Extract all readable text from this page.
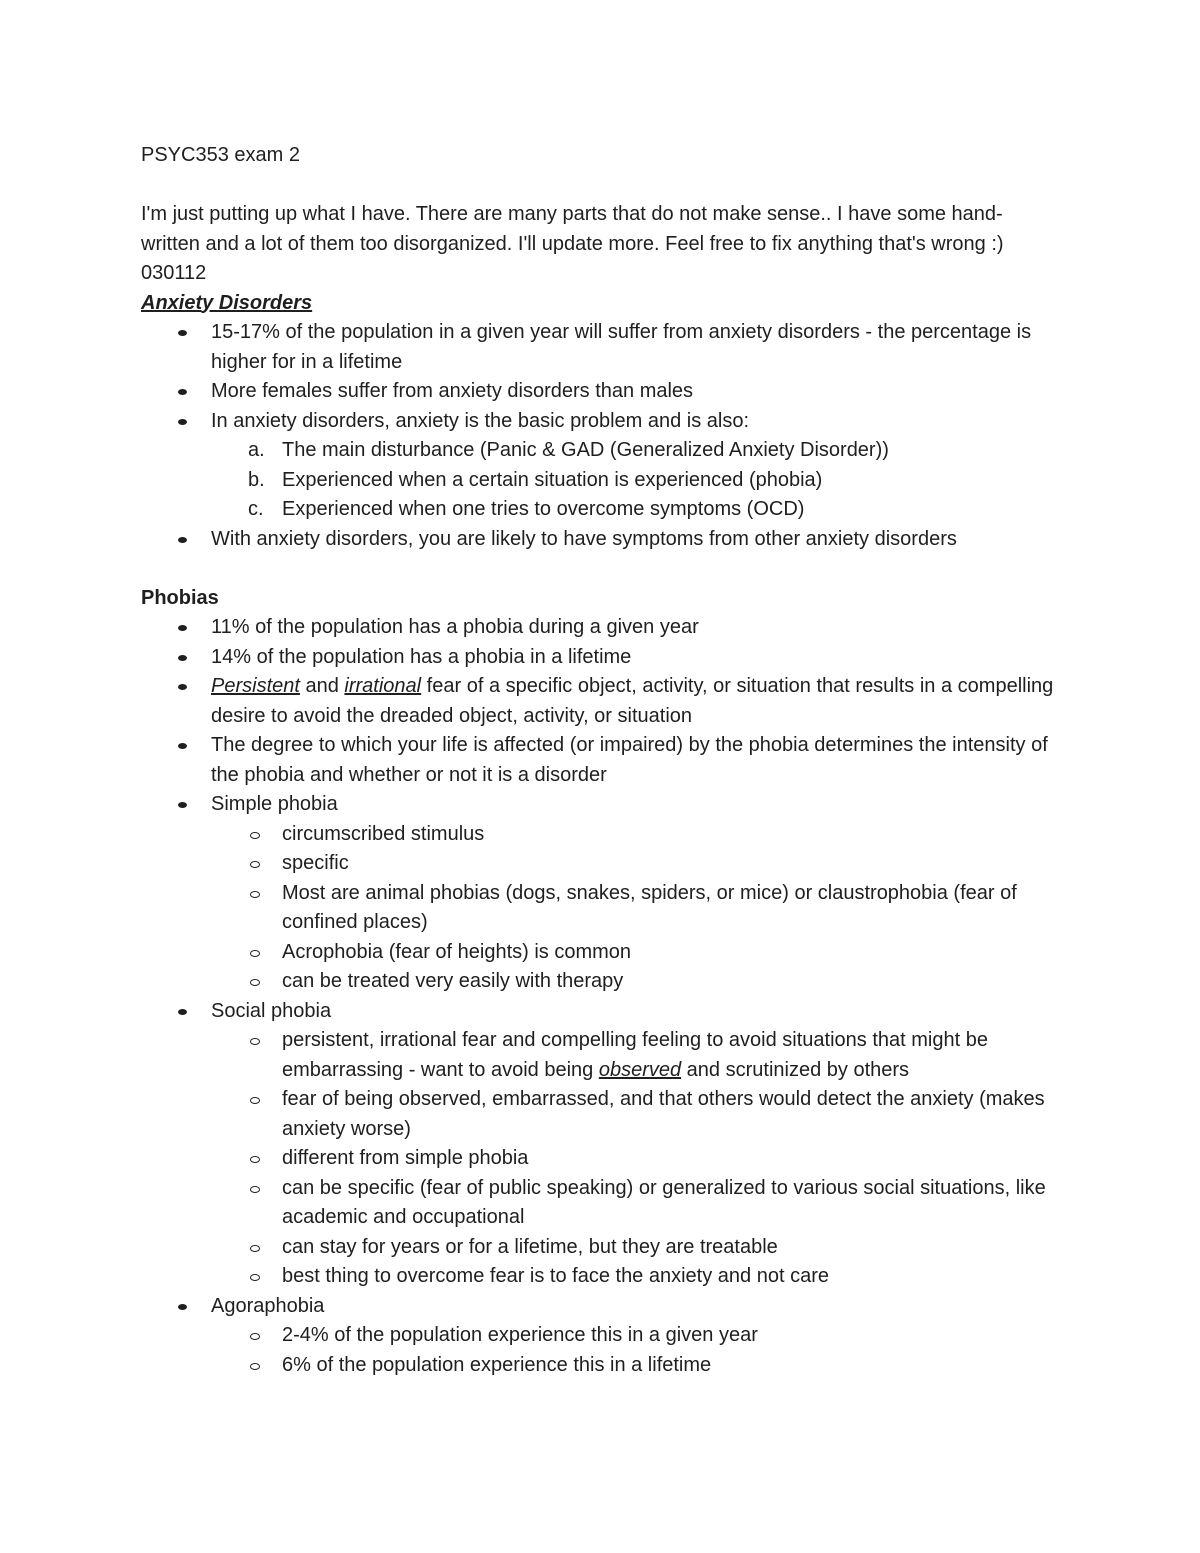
PSYC353 exam 2

I'm just putting up what I have. There are many parts that do not make sense.. I have some hand-written and a lot of them too disorganized. I'll update more. Feel free to fix anything that's wrong :)

030112

Anxiety Disorders

15-17% of the population in a given year will suffer from anxiety disorders - the percentage is higher for in a lifetime
More females suffer from anxiety disorders than males
In anxiety disorders, anxiety is the basic problem and is also:
a. The main disturbance (Panic & GAD (Generalized Anxiety Disorder))
b. Experienced when a certain situation is experienced (phobia)
c. Experienced when one tries to overcome symptoms (OCD)
With anxiety disorders, you are likely to have symptoms from other anxiety disorders

Phobias

11% of the population has a phobia during a given year
14% of the population has a phobia in a lifetime
Persistent and irrational fear of a specific object, activity, or situation that results in a compelling desire to avoid the dreaded object, activity, or situation
The degree to which your life is affected (or impaired) by the phobia determines the intensity of the phobia and whether or not it is a disorder
Simple phobia
circumscribed stimulus
specific
Most are animal phobias (dogs, snakes, spiders, or mice) or claustrophobia (fear of confined places)
Acrophobia (fear of heights) is common
can be treated very easily with therapy
Social phobia
persistent, irrational fear and compelling feeling to avoid situations that might be embarrassing - want to avoid being observed and scrutinized by others
fear of being observed, embarrassed, and that others would detect the anxiety (makes anxiety worse)
different from simple phobia
can be specific (fear of public speaking) or generalized to various social situations, like academic and occupational
can stay for years or for a lifetime, but they are treatable
best thing to overcome fear is to face the anxiety and not care
Agoraphobia
2-4% of the population experience this in a given year
6% of the population experience this in a lifetime
